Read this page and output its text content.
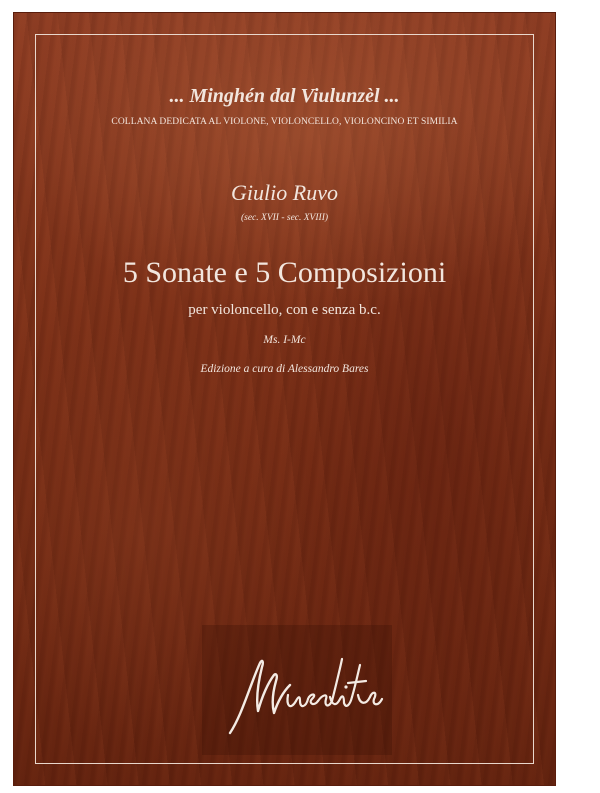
... Minghén dal Viulunzèl ...
COLLANA DEDICATA AL VIOLONE, VIOLONCELLO, VIOLONCINO ET SIMILIA
Giulio Ruvo
(sec. XVII - sec. XVIII)
5 Sonate e 5 Composizioni
per violoncello, con e senza b.c.
Ms. I-Mc
Edizione a cura di Alessandro Bares
